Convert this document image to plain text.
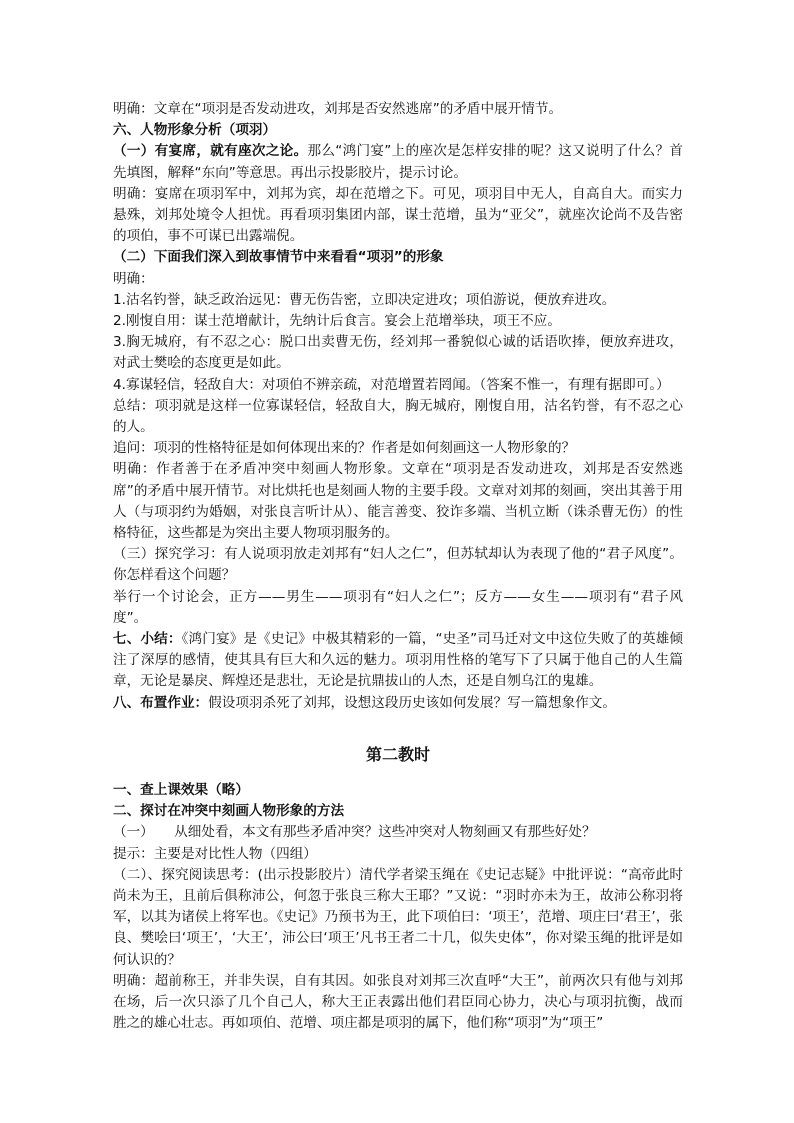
明确：文章在“项羽是否发动进攻，刘邦是否安然逃席”的矛盾中展开情节。

六、人物形象分析（项羽）

（一）有宴席，就有座次之论。那么“鸿门宴”上的座次是怎样安排的呢？这又说明了什么？首先填图，解释“东向”等意思。再出示投影胶片，提示讨论。

明确：宴席在项羽军中，刘邦为宾，却在范增之下。可见，项羽目中无人，自高自大。而实力悬殊，刘邦处境令人担忧。再看项羽集团内部，谋士范增，虽为“亚父”，就座次论尚不及告密的项伯，事不可谋已出露端倪。

（二）下面我们深入到故事情节中来看看“项羽”的形象

明确：

1.沽名钓誉，缺乏政治远见：曹无伤告密，立即决定进攻；项伯游说，便放弃进攻。

2.刚愎自用：谋士范增献计，先纳计后食言。宴会上范增举玦，项王不应。

3.胸无城府，有不忍之心：脱口出卖曹无伤，经刘邦一番貌似心诚的话语吹捧，便放弃进攻，对武士樊哙的态度更是如此。

4.寡谋轻信，轻敌自大：对项伯不辨亲疏，对范增置若罔闻。（答案不惟一，有理有据即可。）

总结：项羽就是这样一位寡谋轻信，轻敌自大，胸无城府，刚愎自用，沽名钓誉，有不忍之心的人。

追问：项羽的性格特征是如何体现出来的？作者是如何刻画这一人物形象的？

明确：作者善于在矛盾冲突中刻画人物形象。文章在“项羽是否发动进攻，刘邦是否安然逃席”的矛盾中展开情节。对比烘托也是刻画人物的主要手段。文章对刘邦的刻画，突出其善于用人（与项羽约为婚姻，对张良言听计从）、能言善变、狡诈多端、当机立断（诛杀曹无伤）的性格特征，这些都是为突出主要人物项羽服务的。

（三）探究学习：有人说项羽放走刘邦有“妇人之仁”，但苏轼却认为表现了他的“君子风度”。你怎样看这个问题？

举行一个讨论会，正方——男生——项羽有“妇人之仁”；反方——女生——项羽有“君子风度”。

七、小结：《鸿门宴》是《史记》中极其精彩的一篇，“史圣”司马迁对文中这位失败了的英雄倾注了深厚的感情，使其具有巨大和久远的魅力。项羽用性格的笔写下了只属于他自己的人生篇章，无论是暴戾、辉煌还是悲壮，无论是抗鼎拔山的人杰，还是自刎乌江的鬼雄。

八、布置作业：假设项羽杀死了刘邦，设想这段历史该如何发展？写一篇想象作文。

第二教时

一、查上课效果（略）

二、探讨在冲突中刻画人物形象的方法

（一）　　从细处看，本文有那些矛盾冲突？这些冲突对人物刻画又有那些好处？

提示：主要是对比性人物（四组）

（二）、探究阅读思考：(出示投影胶片）清代学者梁玉绳在《史记志疑》中批评说：“高帝此时尚未为王，且前后俱称沛公，何忽于张良三称大王耶？”又说：“羽时亦未为王，故沛公称羽将军，以其为诸侯上将军也。《史记》乃预书为王，此下项伯曰：‘项王’，范增、项庄曰‘君王’，张良、樊哙曰‘项王’，‘大王’，沛公曰‘项王’凡书王者二十几，似失史体”，你对梁玉绳的批评是如何认识的？

明确：超前称王，并非失误，自有其因。如张良对刘邦三次直呼“大王”，前两次只有他与刘邦在场，后一次只添了几个自己人，称大王正表露出他们君臣同心协力，决心与项羽抗衡，战而胜之的雄心壮志。再如项伯、范增、项庄都是项羽的属下，他们称“项羽”为“项王”
